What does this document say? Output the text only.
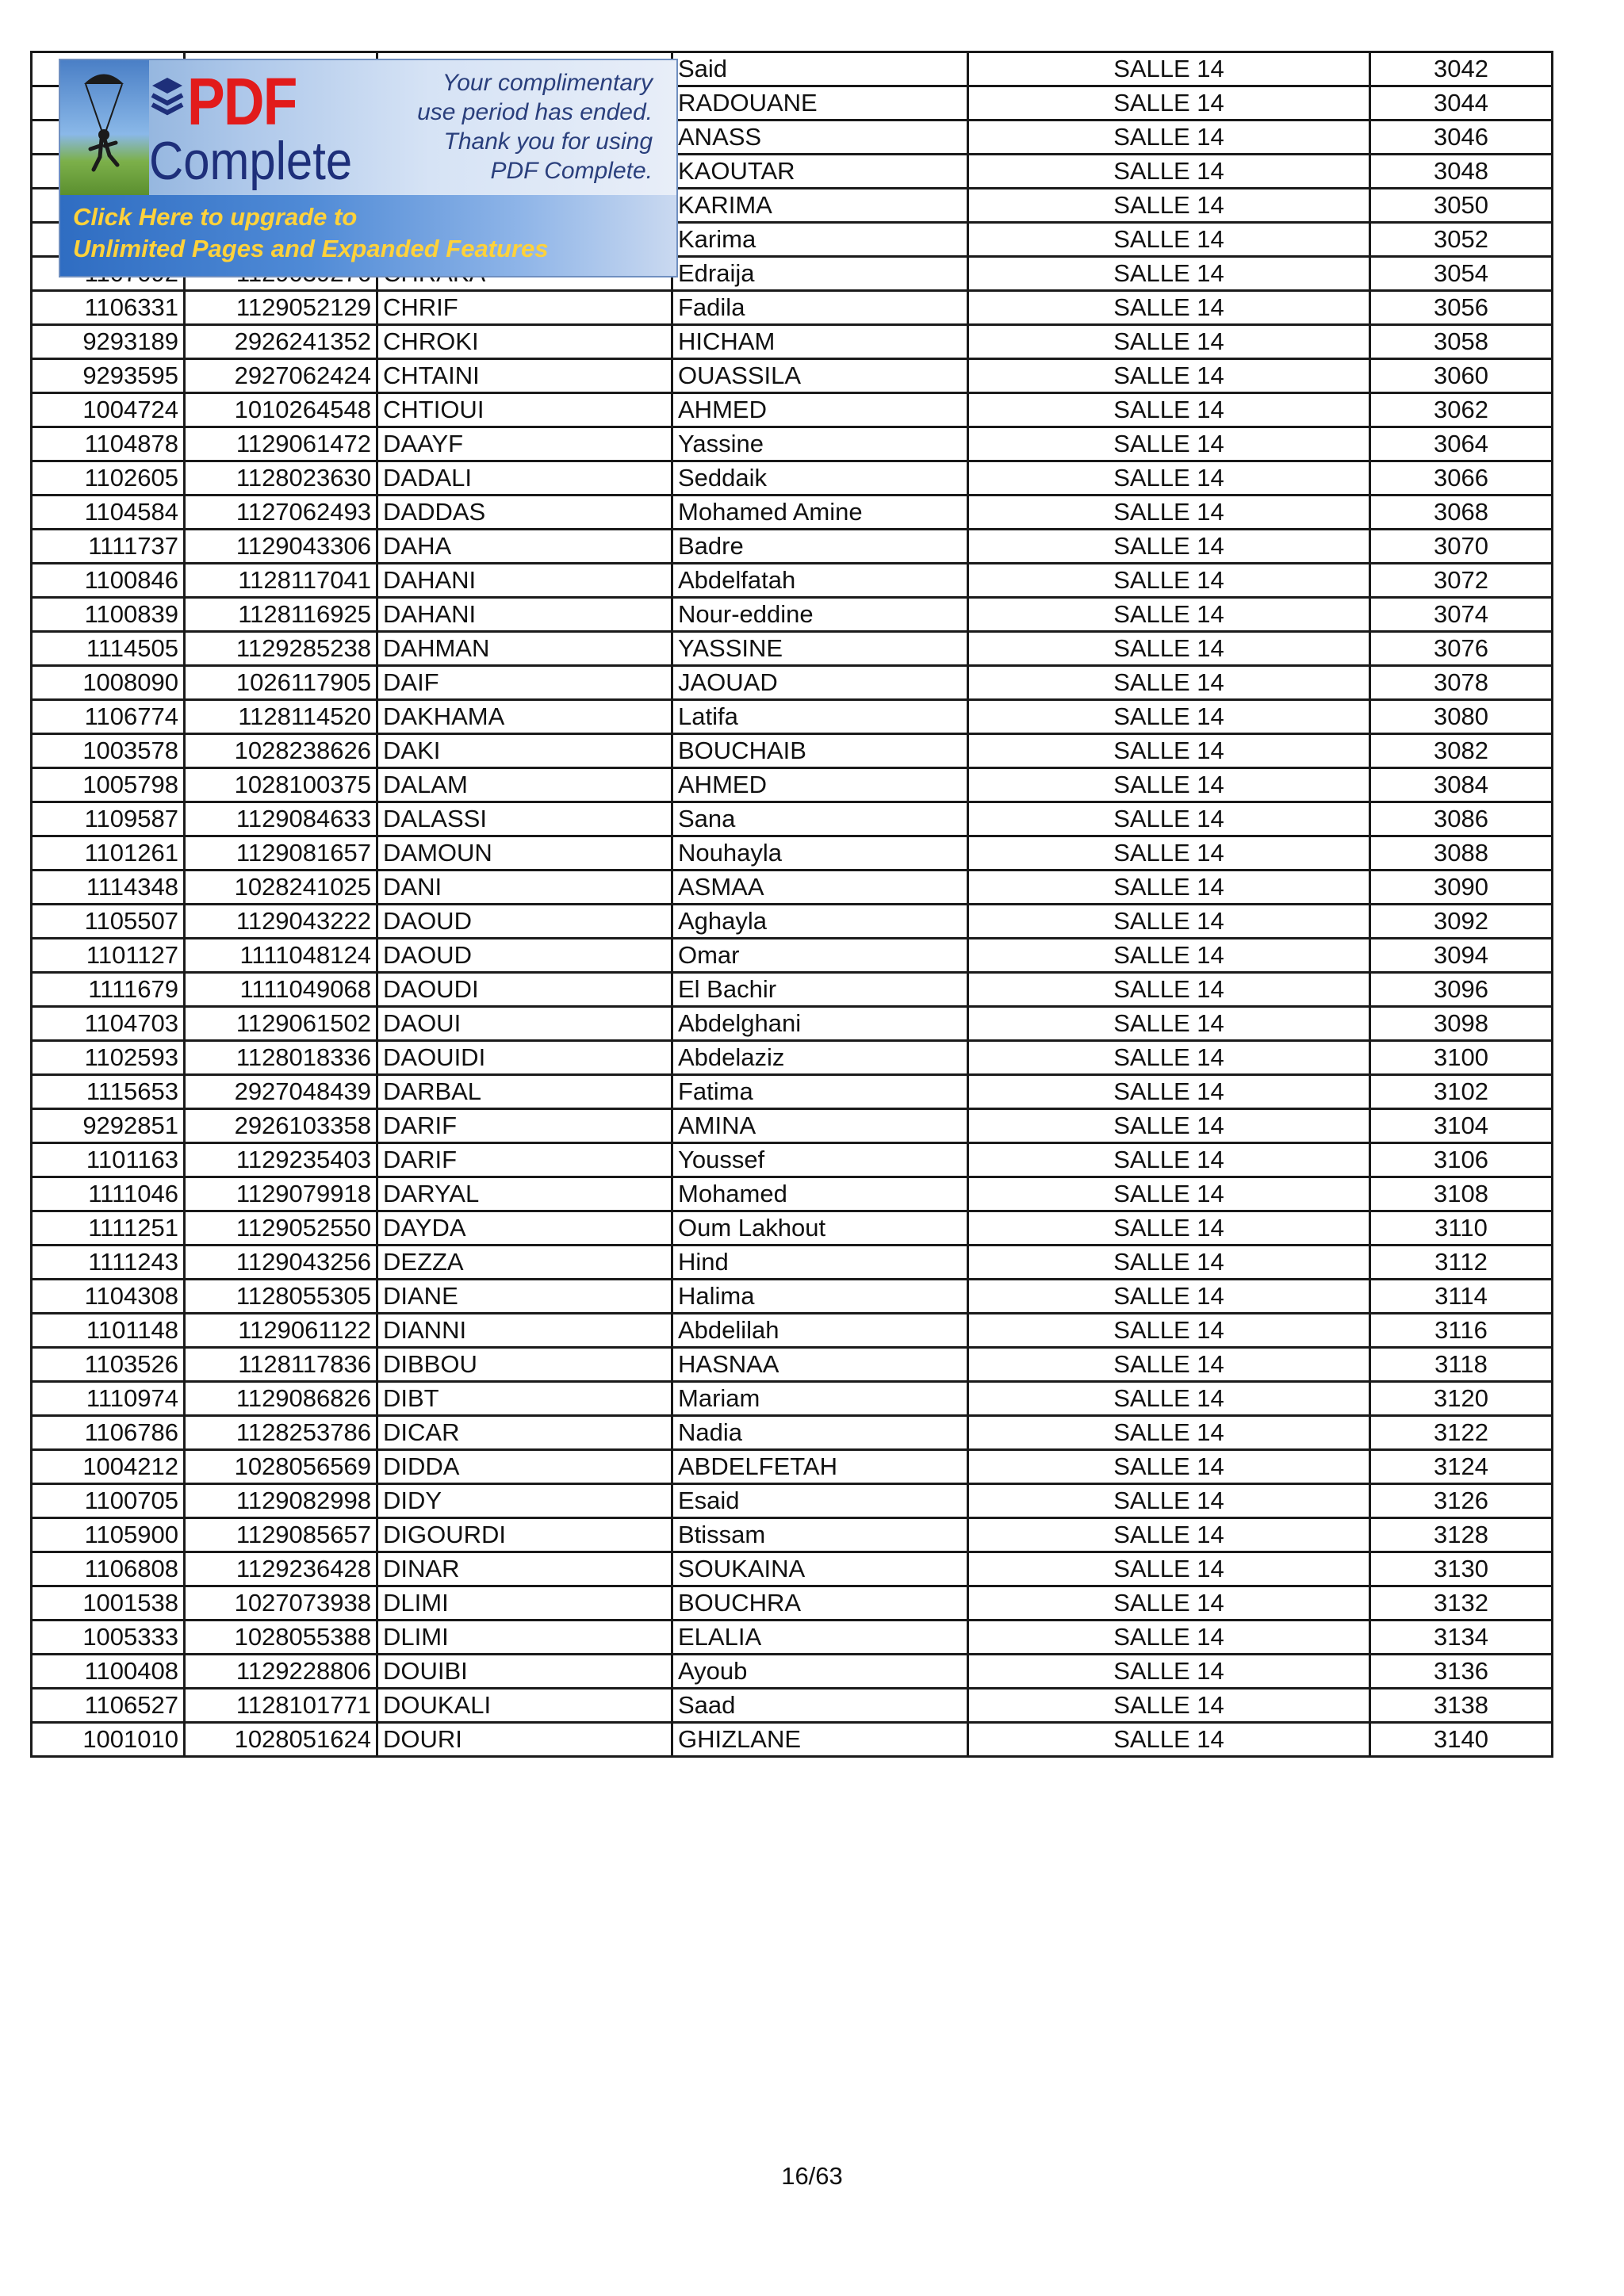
			Said	SALLE 14	3042
			RADOUANE	SALLE 14	3044
			ANASS	SALLE 14	3046
			KAOUTAR	SALLE 14	3048
			KARIMA	SALLE 14	3050
			Karima	SALLE 14	3052
			Edraija	SALLE 14	3054
1106331	1129052129	CHRIF	Fadila	SALLE 14	3056
9293189	2926241352	CHROKI	HICHAM	SALLE 14	3058
9293595	2927062424	CHTAINI	OUASSILA	SALLE 14	3060
1004724	1010264548	CHTIOUI	AHMED	SALLE 14	3062
1104878	1129061472	DAAYF	Yassine	SALLE 14	3064
1102605	1128023630	DADALI	Seddaik	SALLE 14	3066
1104584	1127062493	DADDAS	Mohamed Amine	SALLE 14	3068
1111737	1129043306	DAHA	Badre	SALLE 14	3070
1100846	1128117041	DAHANI	Abdelfatah	SALLE 14	3072
1100839	1128116925	DAHANI	Nour-eddine	SALLE 14	3074
1114505	1129285238	DAHMAN	YASSINE	SALLE 14	3076
1008090	1026117905	DAIF	JAOUAD	SALLE 14	3078
1106774	1128114520	DAKHAMA	Latifa	SALLE 14	3080
1003578	1028238626	DAKI	BOUCHAIB	SALLE 14	3082
1005798	1028100375	DALAM	AHMED	SALLE 14	3084
1109587	1129084633	DALASSI	Sana	SALLE 14	3086
1101261	1129081657	DAMOUN	Nouhayla	SALLE 14	3088
1114348	1028241025	DANI	ASMAA	SALLE 14	3090
1105507	1129043222	DAOUD	Aghayla	SALLE 14	3092
1101127	1111048124	DAOUD	Omar	SALLE 14	3094
1111679	1111049068	DAOUDI	El Bachir	SALLE 14	3096
1104703	1129061502	DAOUI	Abdelghani	SALLE 14	3098
1102593	1128018336	DAOUIDI	Abdelaziz	SALLE 14	3100
1115653	2927048439	DARBAL	Fatima	SALLE 14	3102
9292851	2926103358	DARIF	AMINA	SALLE 14	3104
1101163	1129235403	DARIF	Youssef	SALLE 14	3106
1111046	1129079918	DARYAL	Mohamed	SALLE 14	3108
1111251	1129052550	DAYDA	Oum Lakhout	SALLE 14	3110
1111243	1129043256	DEZZA	Hind	SALLE 14	3112
1104308	1128055305	DIANE	Halima	SALLE 14	3114
1101148	1129061122	DIANNI	Abdelilah	SALLE 14	3116
1103526	1128117836	DIBBOU	HASNAA	SALLE 14	3118
1110974	1129086826	DIBT	Mariam	SALLE 14	3120
1106786	1128253786	DICAR	Nadia	SALLE 14	3122
1004212	1028056569	DIDDA	ABDELFETAH	SALLE 14	3124
1100705	1129082998	DIDY	Esaid	SALLE 14	3126
1105900	1129085657	DIGOURDI	Btissam	SALLE 14	3128
1106808	1129236428	DINAR	SOUKAINA	SALLE 14	3130
1001538	1027073938	DLIMI	BOUCHRA	SALLE 14	3132
1005333	1028055388	DLIMI	ELALIA	SALLE 14	3134
1100408	1129228806	DOUIBI	Ayoub	SALLE 14	3136
1106527	1128101771	DOUKALI	Saad	SALLE 14	3138
1001010	1028051624	DOURI	GHIZLANE	SALLE 14	3140
PDF
Complete
Your complimentary
use period has ended.
Thank you for using
PDF Complete.
Click Here to upgrade to
Unlimited Pages and Expanded Features
16/63
